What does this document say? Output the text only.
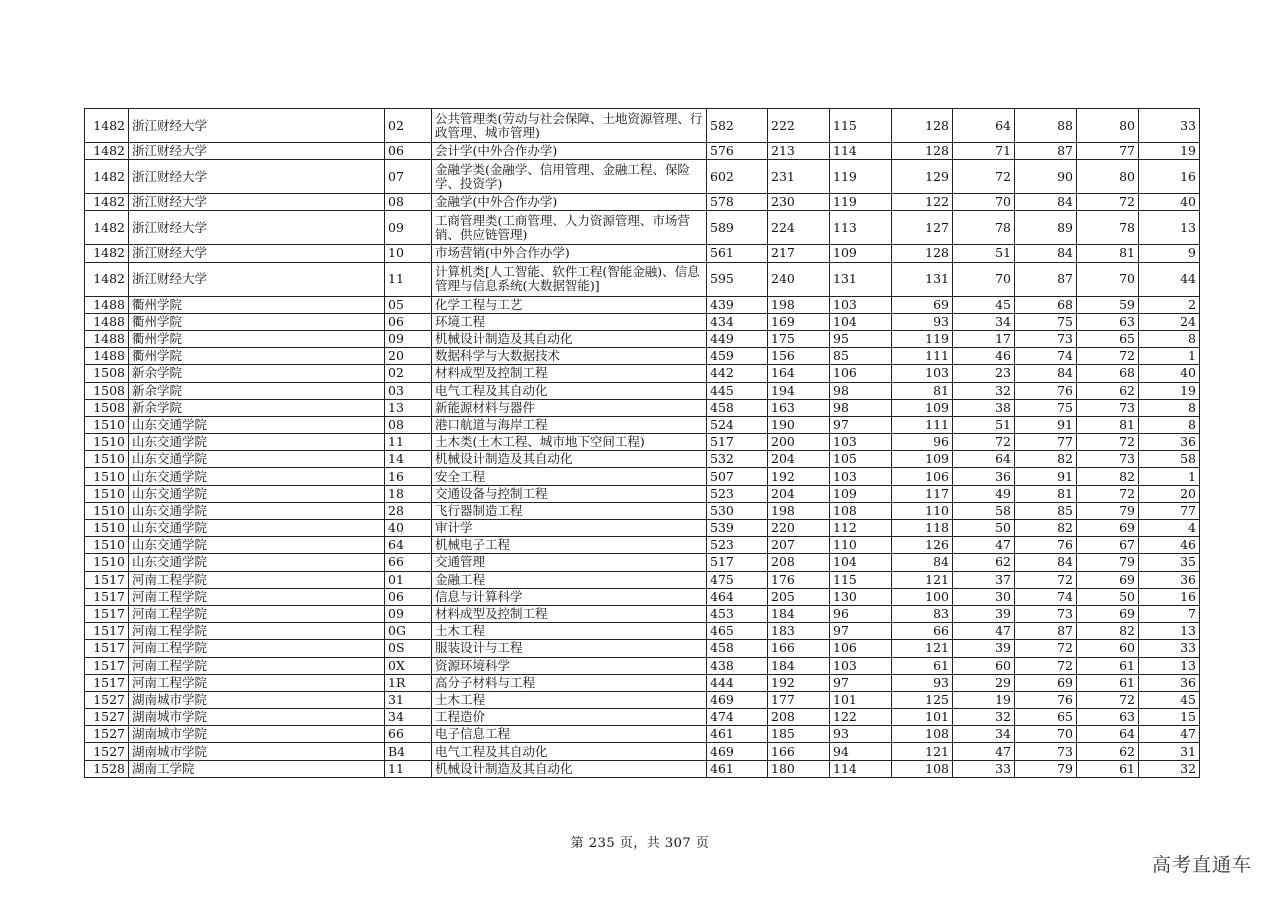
1482	浙江财经大学	02	公共管理类(劳动与社会保障、土地资源管理、行政管理、城市管理)	582	222	115	128	64	88	80	33
1482	浙江财经大学	06	会计学(中外合作办学)	576	213	114	128	71	87	77	19
1482	浙江财经大学	07	金融学类(金融学、信用管理、金融工程、保险学、投资学)	602	231	119	129	72	90	80	16
1482	浙江财经大学	08	金融学(中外合作办学)	578	230	119	122	70	84	72	40
1482	浙江财经大学	09	工商管理类(工商管理、人力资源管理、市场营销、供应链管理)	589	224	113	127	78	89	78	13
1482	浙江财经大学	10	市场营销(中外合作办学)	561	217	109	128	51	84	81	9
1482	浙江财经大学	11	计算机类[人工智能、软件工程(智能金融)、信息管理与信息系统(大数据智能)]	595	240	131	131	70	87	70	44
1488	衢州学院	05	化学工程与工艺	439	198	103	69	45	68	59	2
1488	衢州学院	06	环境工程	434	169	104	93	34	75	63	24
1488	衢州学院	09	机械设计制造及其自动化	449	175	95	119	17	73	65	8
1488	衢州学院	20	数据科学与大数据技术	459	156	85	111	46	74	72	1
1508	新余学院	02	材料成型及控制工程	442	164	106	103	23	84	68	40
1508	新余学院	03	电气工程及其自动化	445	194	98	81	32	76	62	19
1508	新余学院	13	新能源材料与器件	458	163	98	109	38	75	73	8
1510	山东交通学院	08	港口航道与海岸工程	524	190	97	111	51	91	81	8
1510	山东交通学院	11	土木类(土木工程、城市地下空间工程)	517	200	103	96	72	77	72	36
1510	山东交通学院	14	机械设计制造及其自动化	532	204	105	109	64	82	73	58
1510	山东交通学院	16	安全工程	507	192	103	106	36	91	82	1
1510	山东交通学院	18	交通设备与控制工程	523	204	109	117	49	81	72	20
1510	山东交通学院	28	飞行器制造工程	530	198	108	110	58	85	79	77
1510	山东交通学院	40	审计学	539	220	112	118	50	82	69	4
1510	山东交通学院	64	机械电子工程	523	207	110	126	47	76	67	46
1510	山东交通学院	66	交通管理	517	208	104	84	62	84	79	35
1517	河南工程学院	01	金融工程	475	176	115	121	37	72	69	36
1517	河南工程学院	06	信息与计算科学	464	205	130	100	30	74	50	16
1517	河南工程学院	09	材料成型及控制工程	453	184	96	83	39	73	69	7
1517	河南工程学院	0G	土木工程	465	183	97	66	47	87	82	13
1517	河南工程学院	0S	服装设计与工程	458	166	106	121	39	72	60	33
1517	河南工程学院	0X	资源环境科学	438	184	103	61	60	72	61	13
1517	河南工程学院	1R	高分子材料与工程	444	192	97	93	29	69	61	36
1527	湖南城市学院	31	土木工程	469	177	101	125	19	76	72	45
1527	湖南城市学院	34	工程造价	474	208	122	101	32	65	63	15
1527	湖南城市学院	66	电子信息工程	461	185	93	108	34	70	64	47
1527	湖南城市学院	B4	电气工程及其自动化	469	166	94	121	47	73	62	31
1528	湖南工学院	11	机械设计制造及其自动化	461	180	114	108	33	79	61	32
第 235 页，共 307 页
高考直通车
